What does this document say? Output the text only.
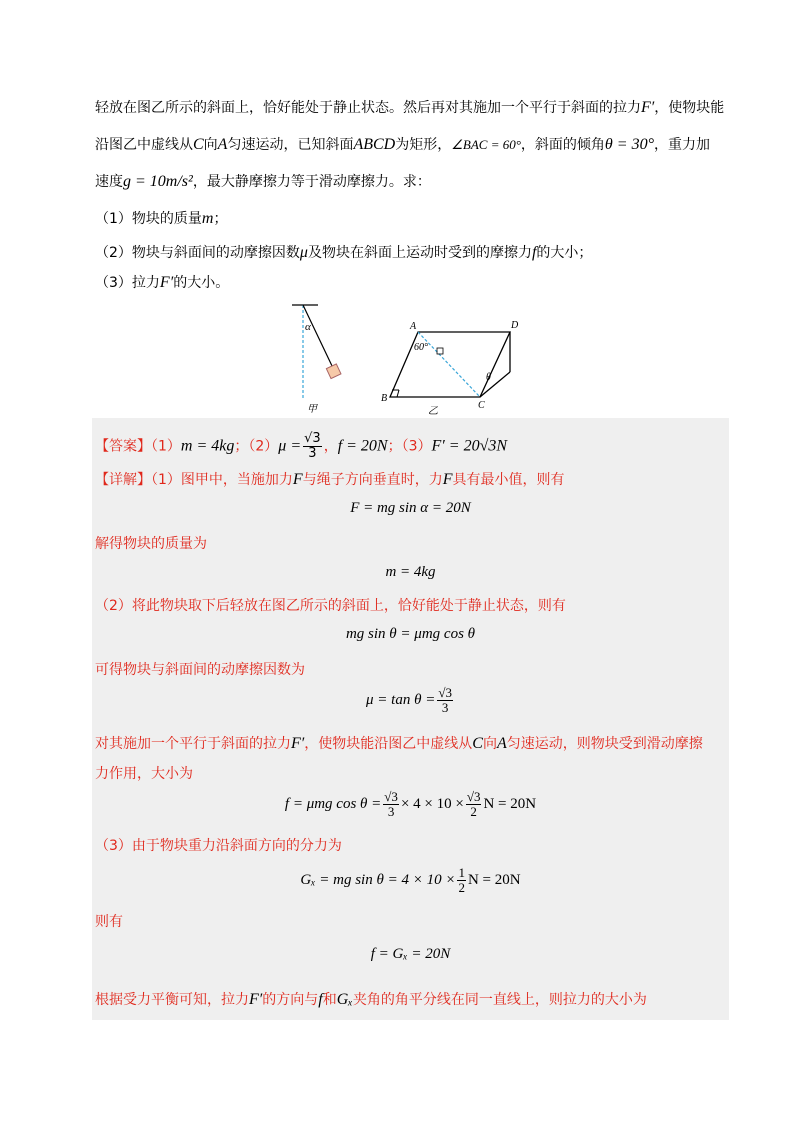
轻放在图乙所示的斜面上，恰好能处于静止状态。然后再对其施加一个平行于斜面的拉力F′，使物块能
沿图乙中虚线从C向A匀速运动，已知斜面ABCD为矩形，∠BAC = 60°，斜面的倾角θ = 30°，重力加
速度g = 10m/s²，最大静摩擦力等于滑动摩擦力。求：
（1）物块的质量m；
（2）物块与斜面间的动摩擦因数μ及物块在斜面上运动时受到的摩擦力f的大小；
（3）拉力F′的大小。
α
甲
A	D
B
C
60°
θ
乙
【答案】（1）m = 4kg；$(2)\mu = \frac{√3}{3}$ ，f = 20N；（3）F′ = 20√3N
【详解】（1）图甲中，当施加力F与绳子方向垂直时，力F具有最小值，则有
F = mg sin α = 20N
解得物块的质量为
m = 4kg
（2）将此物块取下后轻放在图乙所示的斜面上，恰好能处于静止状态，则有
mg sin θ = μmg cos θ
可得物块与斜面间的动摩擦因数为
$\mu = \tan \theta = \frac{√3}{3}$
对其施加一个平行于斜面的拉力F′，使物块能沿图乙中虚线从C向A匀速运动，则物块受到滑动摩擦
力作用，大小为
f = μmg $\cos \theta = \frac{√3}{3} \times 4 \times 10 \times \frac{√3}{2}$ N = 20N
（3）由于物块重力沿斜面方向的分力为
Gₓ = mg $\sin \theta = 4 \times 10 \times \frac{1}{2}$ N = 20N
则有
f = Gₓ = 20N
根据受力平衡可知，拉力F′的方向与f和Gₓ夹角的角平分线在同一直线上，则拉力的大小为
